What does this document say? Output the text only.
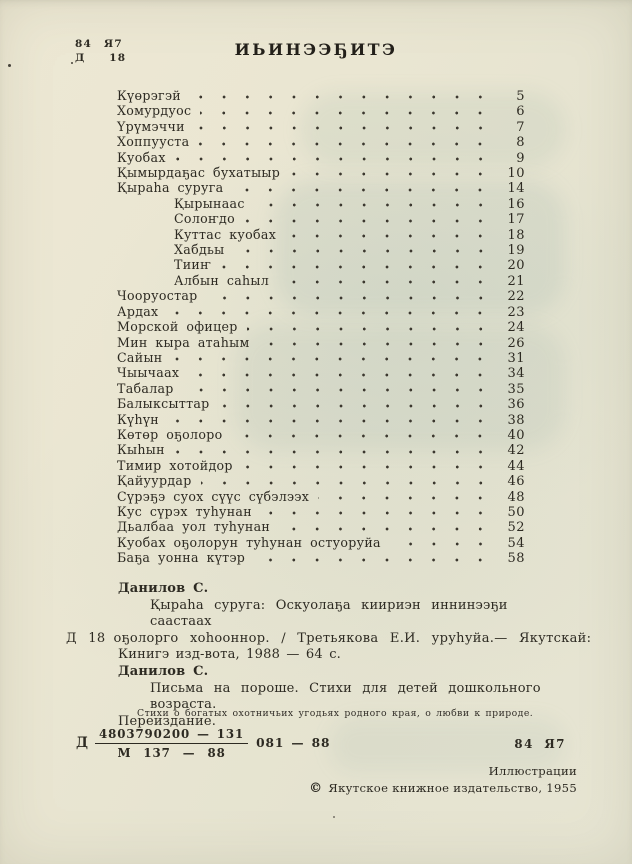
84 Я7
Д  18	ИЬИНЭЭҔИТЭ
Күөрэгэй	5
Хомурдуос	6
Үрүмэччи	7
Хоппууста	8
Куобах	9
Қымырдаҕас бухатыыр	10
Қыраһа суруга	14
Қырынаас	16
Солоҥдо	17
Куттас куобах	18
Хабдьы	19
Тииҥ	20
Албын саһыл	21
Чооруостар	22
Ардах	23
Морской офицер	24
Мин кыра атаһым	26
Сайын	31
Чыычаах	34
Табалар	35
Балыксыттар	36
Күһүн	38
Көтөр оҕолоро	40
Кыһын	42
Тимир хотойдор	44
Қайуурдар	46
Сүрэҕэ суох сүүс сүбэлээх	48
Кус сүрэх туһунан	50
Дьалбаа уол туһунан	52
Куобах оҕолорун туһунан остуоруйа	54
Баҕа уонна күтэр	58
Данилов С.
Қыраһа суруга: Оскуолаҕа киириэн иннинээҕи саастаах
Д 18 оҕолорго хоһооннор. / Третьякова Е.И. уруһуйа.— Якутскай:
Кинигэ изд-вота, 1988 — 64 с.
Данилов С.
Письма на пороше. Стихи для детей дошкольного возраста.
Переиздание.
Стихи о богатых охотничьих угодьях родного края, о любви к природе.
Д $\frac{4803790200 — 131}{М 137 — 88} 081$ — 88	84 Я7
Иллюстрации
© Якутское книжное издательство, 1955
